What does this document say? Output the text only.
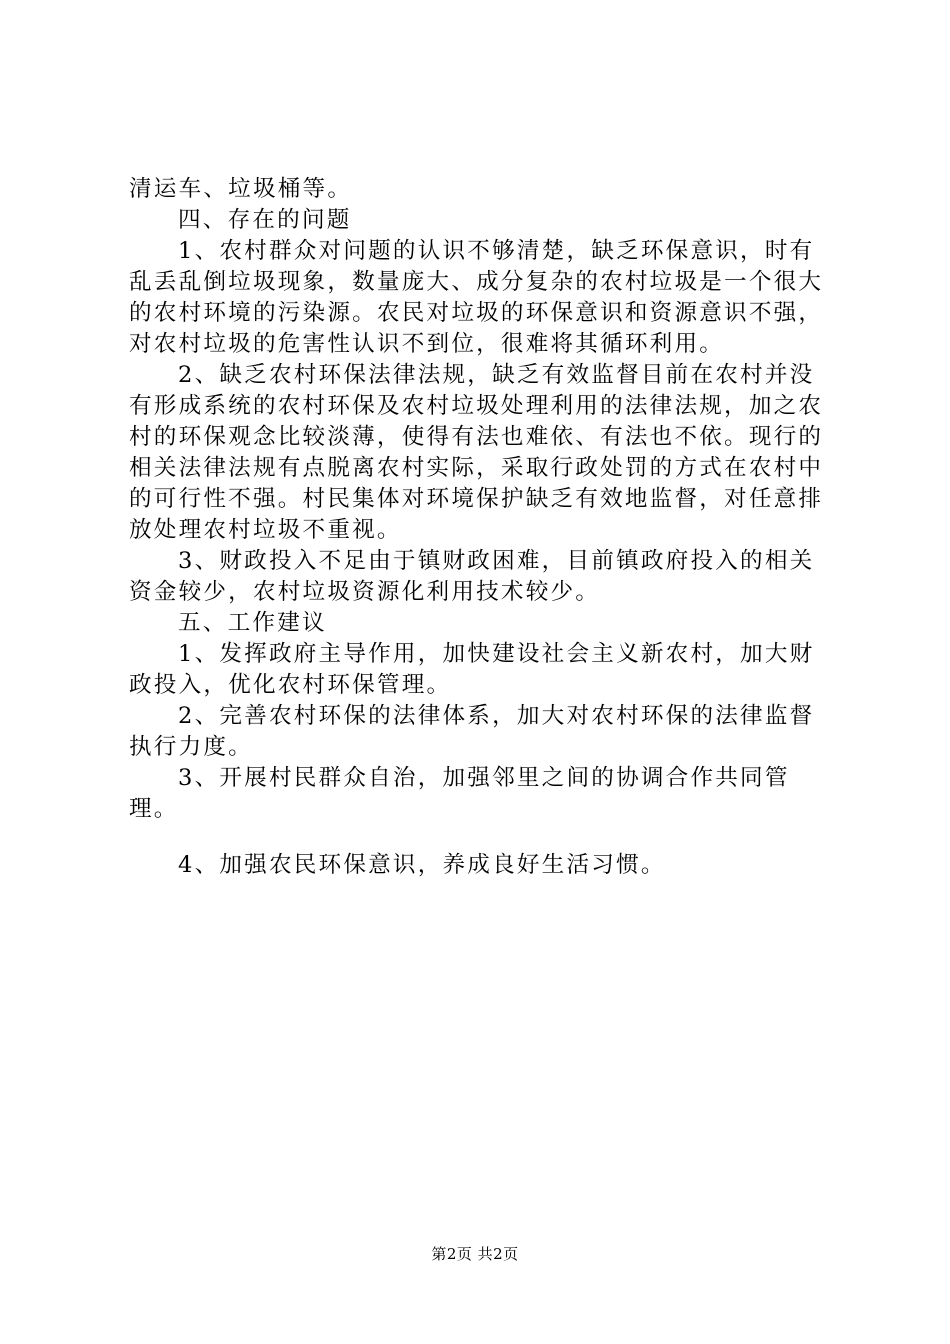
清运车、垃圾桶等。

四、存在的问题

1、农村群众对问题的认识不够清楚，缺乏环保意识，时有乱丢乱倒垃圾现象，数量庞大、成分复杂的农村垃圾是一个很大的农村环境的污染源。农民对垃圾的环保意识和资源意识不强，对农村垃圾的危害性认识不到位，很难将其循环利用。

2、缺乏农村环保法律法规，缺乏有效监督目前在农村并没有形成系统的农村环保及农村垃圾处理利用的法律法规，加之农村的环保观念比较淡薄，使得有法也难依、有法也不依。现行的相关法律法规有点脱离农村实际，采取行政处罚的方式在农村中的可行性不强。村民集体对环境保护缺乏有效地监督，对任意排放处理农村垃圾不重视。

3、财政投入不足由于镇财政困难，目前镇政府投入的相关资金较少，农村垃圾资源化利用技术较少。

五、工作建议

1、发挥政府主导作用，加快建设社会主义新农村，加大财政投入，优化农村环保管理。

2、完善农村环保的法律体系，加大对农村环保的法律监督执行力度。

3、开展村民群众自治，加强邻里之间的协调合作共同管理。

4、加强农民环保意识，养成良好生活习惯。

第2页 共2页
